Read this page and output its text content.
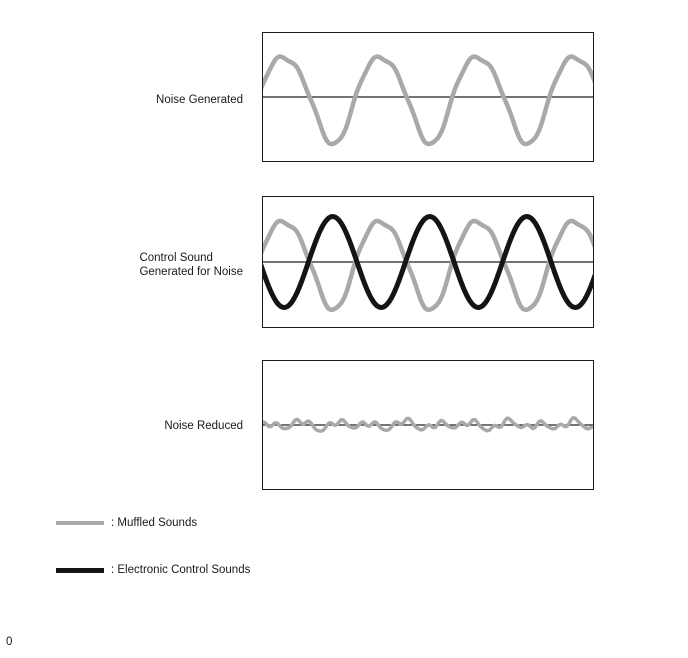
Noise Generated
Control Sound
Generated for Noise
Noise Reduced
: Muffled Sounds
: Electronic Control Sounds
0
